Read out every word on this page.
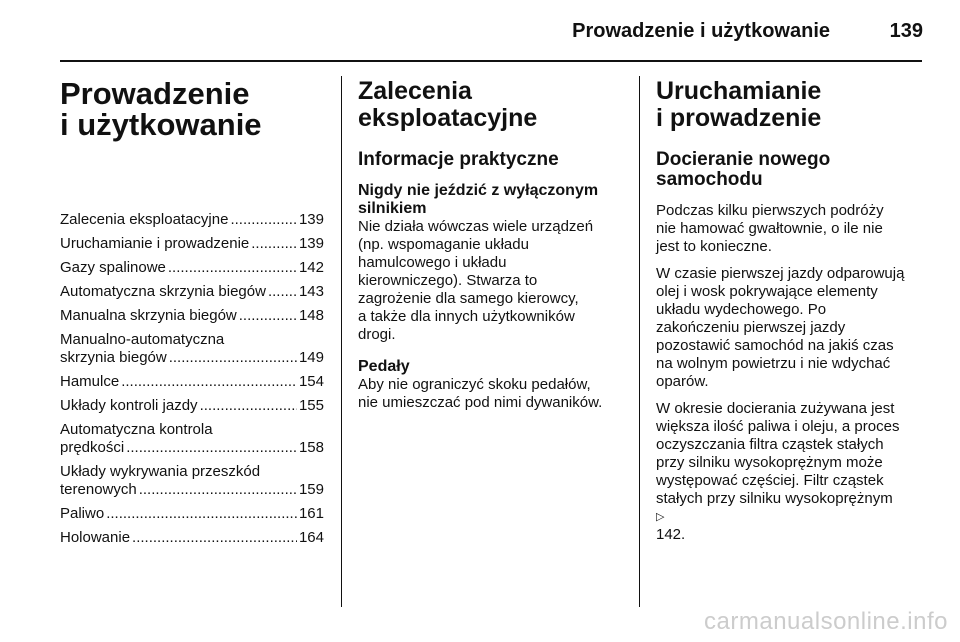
Prowadzenie i użytkowanie	139
Prowadzenie
i użytkowanie
Zalecenia eksploatacyjne .....	139
Uruchamianie i prowadzenie .....	139
Gazy spalinowe .....	142
Automatyczna skrzynia biegów ..... 143
Manualna skrzynia biegów .....	148
Manualno-automatyczna
skrzynia biegów .....	149
Hamulce .....	154
Układy kontroli jazdy .....	155
Automatyczna kontrola
prędkości .....	158
Układy wykrywania przeszkód
terenowych .....	159
Paliwo .....	161
Holowanie .....	164
Zalecenia eksploatacyjne
Informacje praktyczne
Nigdy nie jeździć z wyłączonym
silnikiem
Nie działa wówczas wiele urządzeń
(np. wspomaganie układu
hamulcowego i układu
kierowniczego). Stwarza to
zagrożenie dla samego kierowcy,
a także dla innych użytkowników
drogi.
Pedały
Aby nie ograniczyć skoku pedałów,
nie umieszczać pod nimi dywaników.
Uruchamianie
i prowadzenie
Docieranie nowego
samochodu
Podczas kilku pierwszych podróży
nie hamować gwałtownie, o ile nie
jest to konieczne.
W czasie pierwszej jazdy odparowują
olej i wosk pokrywające elementy
układu wydechowego. Po
zakończeniu pierwszej jazdy
pozostawić samochód na jakiś czas
na wolnym powietrzu i nie wdychać
oparów.
W okresie docierania zużywana jest
większa ilość paliwa i oleju, a proces
oczyszczania filtra cząstek stałych
przy silniku wysokoprężnym może
występować częściej. Filtr cząstek
stałych przy silniku wysokoprężnym
▷
142.
carmanualsonline.info
